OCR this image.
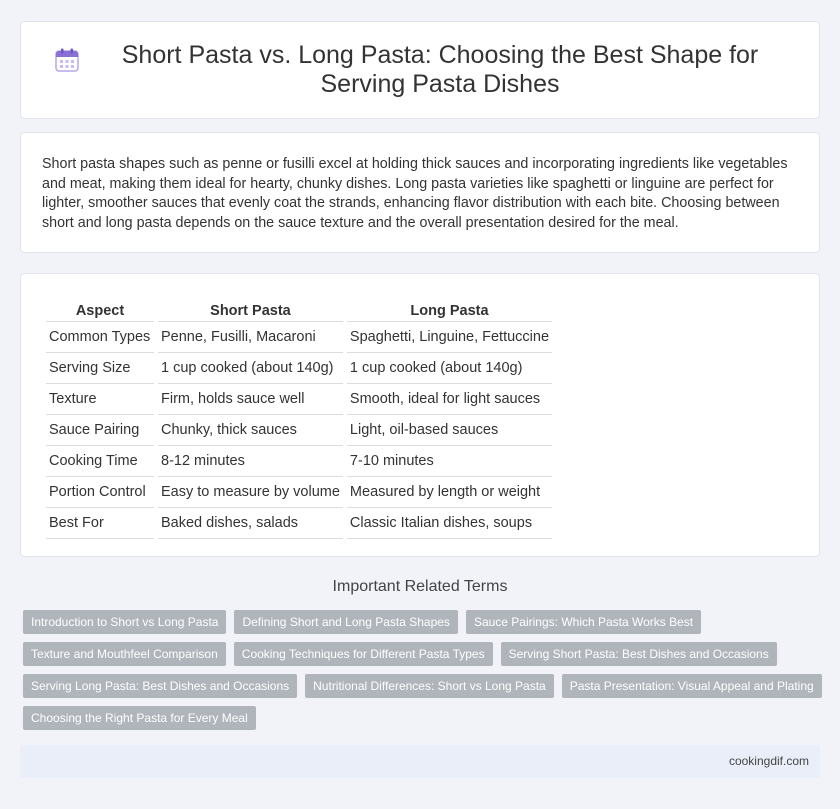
Short Pasta vs. Long Pasta: Choosing the Best Shape for Serving Pasta Dishes

Short pasta shapes such as penne or fusilli excel at holding thick sauces and incorporating ingredients like vegetables and meat, making them ideal for hearty, chunky dishes. Long pasta varieties like spaghetti or linguine are perfect for lighter, smoother sauces that evenly coat the strands, enhancing flavor distribution with each bite. Choosing between short and long pasta depends on the sauce texture and the overall presentation desired for the meal.

Aspect	Short Pasta	Long Pasta
Common Types	Penne, Fusilli, Macaroni	Spaghetti, Linguine, Fettuccine
Serving Size	1 cup cooked (about 140g)	1 cup cooked (about 140g)
Texture	Firm, holds sauce well	Smooth, ideal for light sauces
Sauce Pairing	Chunky, thick sauces	Light, oil-based sauces
Cooking Time	8-12 minutes	7-10 minutes
Portion Control	Easy to measure by volume	Measured by length or weight
Best For	Baked dishes, salads	Classic Italian dishes, soups
Important Related Terms
Introduction to Short vs Long Pasta	Defining Short and Long Pasta Shapes	Sauce Pairings: Which Pasta Works Best
Texture and Mouthfeel Comparison	Cooking Techniques for Different Pasta Types	Serving Short Pasta: Best Dishes and Occasions
Serving Long Pasta: Best Dishes and Occasions	Nutritional Differences: Short vs Long Pasta	Pasta Presentation: Visual Appeal and Plating
Choosing the Right Pasta for Every Meal
cookingdif.com
